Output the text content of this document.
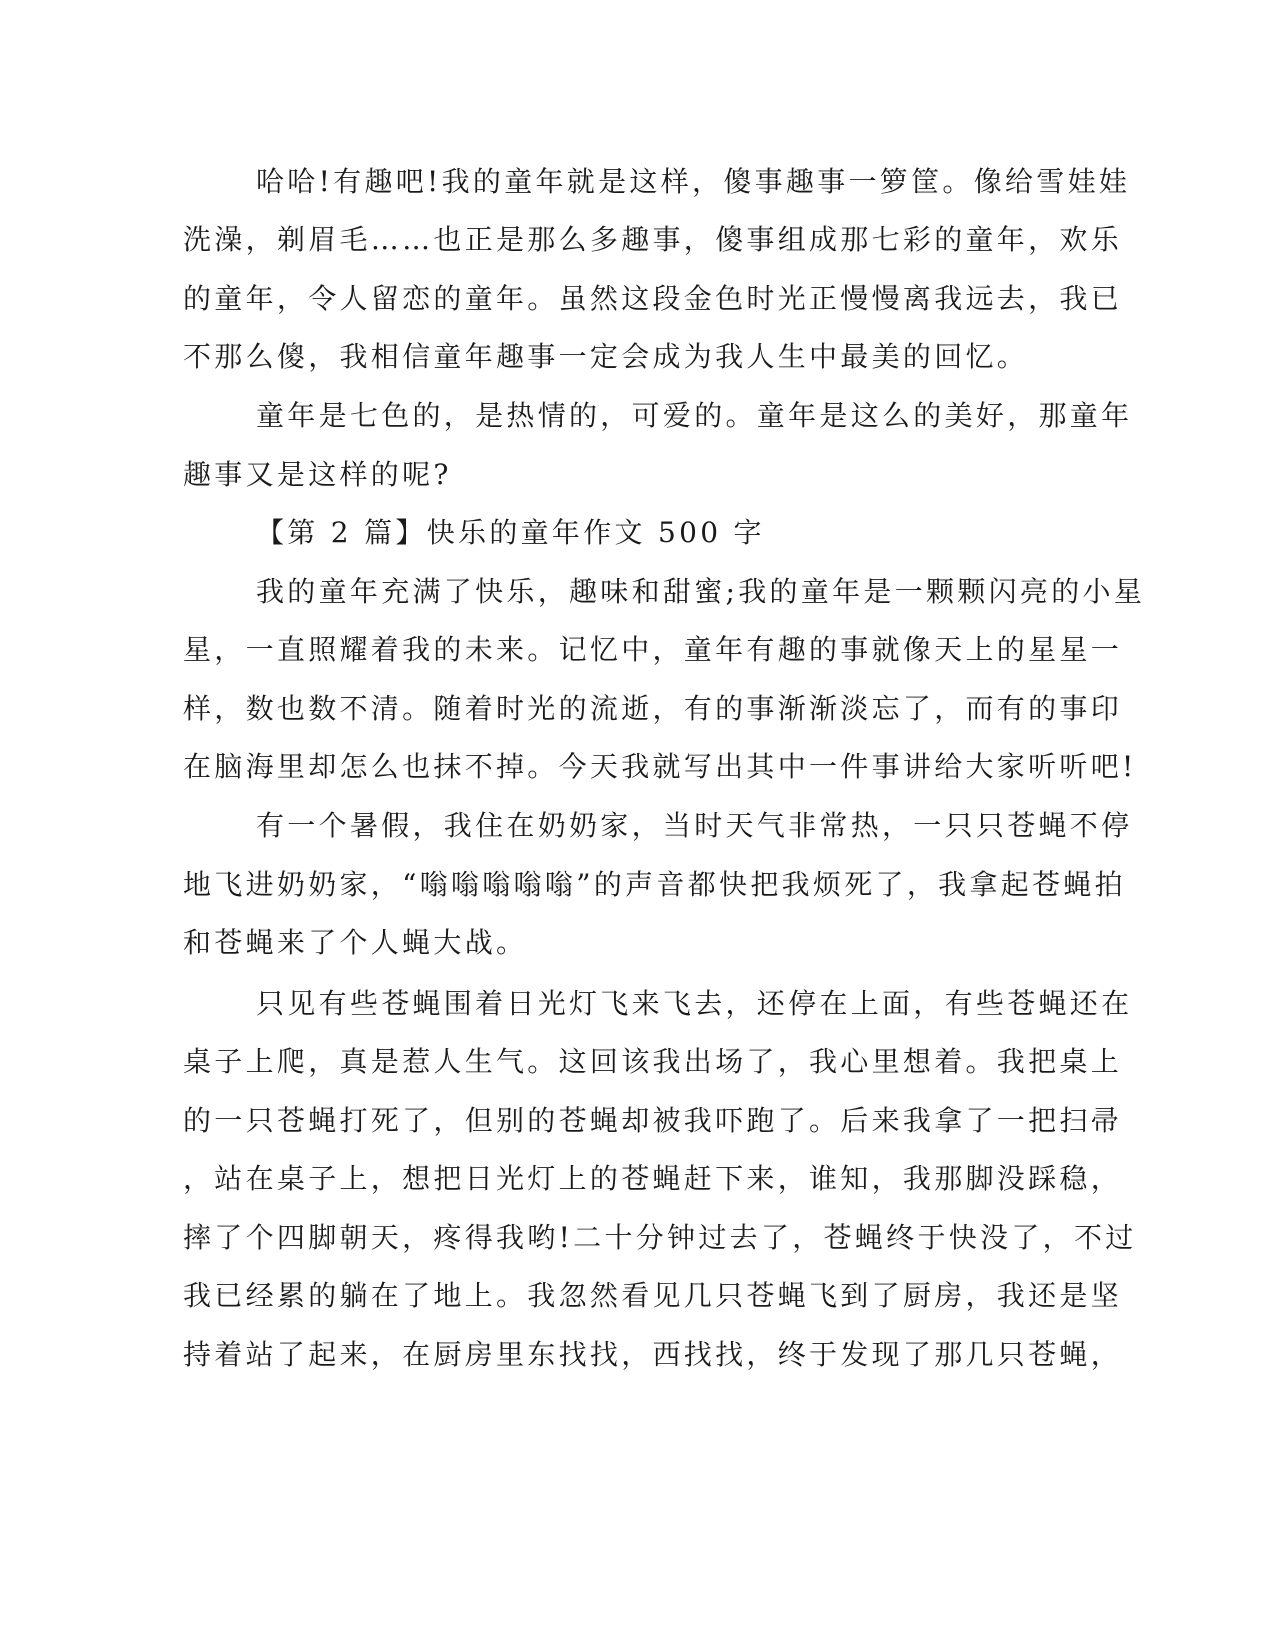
哈哈!有趣吧!我的童年就是这样，傻事趣事一箩筐。像给雪娃娃
洗澡，剃眉毛……也正是那么多趣事，傻事组成那七彩的童年，欢乐
的童年，令人留恋的童年。虽然这段金色时光正慢慢离我远去，我已
不那么傻，我相信童年趣事一定会成为我人生中最美的回忆。
童年是七色的，是热情的，可爱的。童年是这么的美好，那童年
趣事又是这样的呢?
【第 2 篇】快乐的童年作文 500 字
我的童年充满了快乐，趣味和甜蜜;我的童年是一颗颗闪亮的小星
星，一直照耀着我的未来。记忆中，童年有趣的事就像天上的星星一
样，数也数不清。随着时光的流逝，有的事渐渐淡忘了，而有的事印
在脑海里却怎么也抹不掉。今天我就写出其中一件事讲给大家听听吧!
有一个暑假，我住在奶奶家，当时天气非常热，一只只苍蝇不停
地飞进奶奶家，“嗡嗡嗡嗡嗡”的声音都快把我烦死了，我拿起苍蝇拍
和苍蝇来了个人蝇大战。
只见有些苍蝇围着日光灯飞来飞去，还停在上面，有些苍蝇还在
桌子上爬，真是惹人生气。这回该我出场了，我心里想着。我把桌上
的一只苍蝇打死了，但别的苍蝇却被我吓跑了。后来我拿了一把扫帚
，站在桌子上，想把日光灯上的苍蝇赶下来，谁知，我那脚没踩稳，
摔了个四脚朝天，疼得我哟!二十分钟过去了，苍蝇终于快没了，不过
我已经累的躺在了地上。我忽然看见几只苍蝇飞到了厨房，我还是坚
持着站了起来，在厨房里东找找，西找找，终于发现了那几只苍蝇，
